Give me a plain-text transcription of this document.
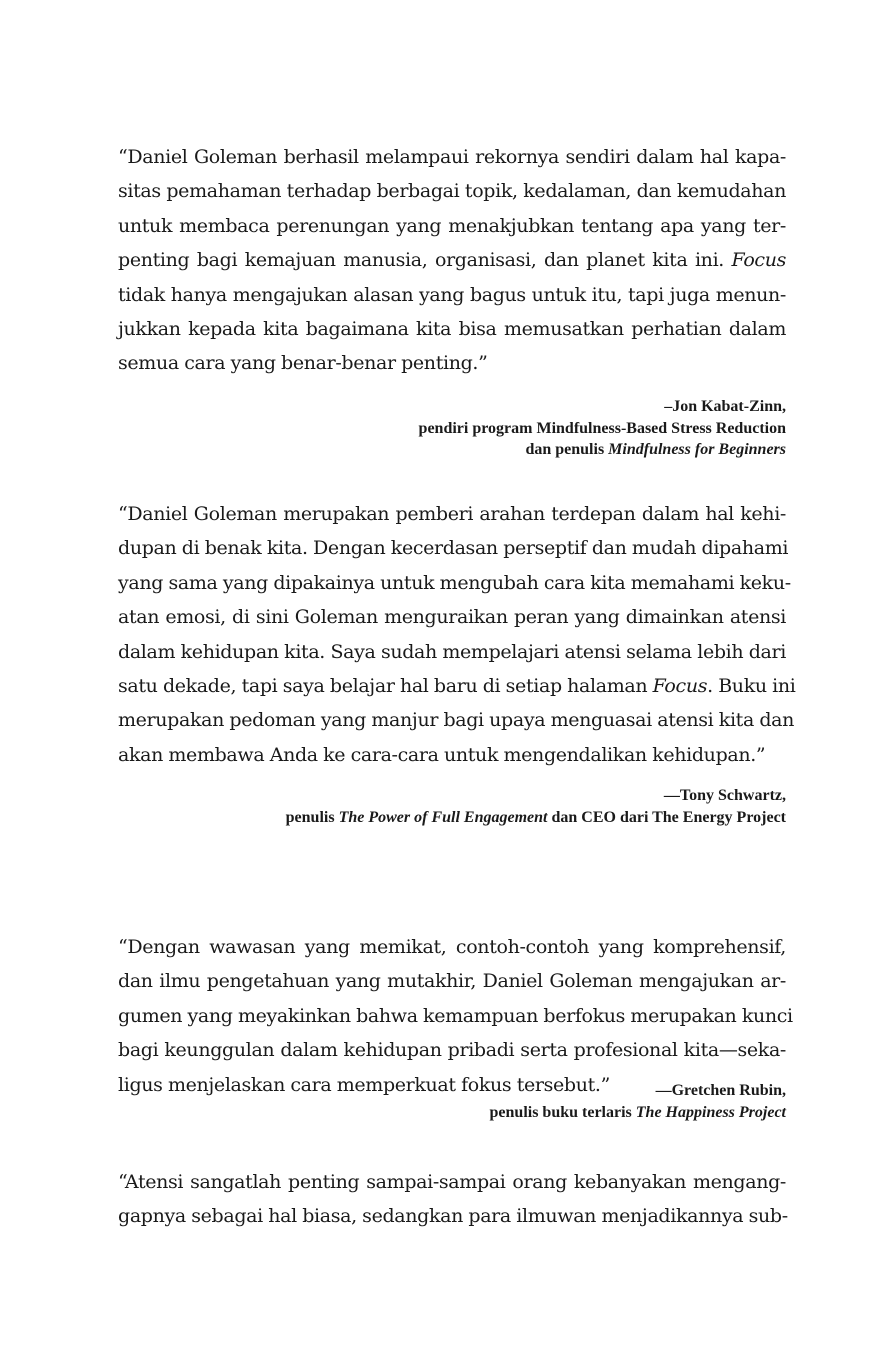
“Daniel Goleman berhasil melampaui rekornya sendiri dalam hal kapa-
sitas pemahaman terhadap berbagai topik, kedalaman, dan kemudahan
untuk membaca perenungan yang menakjubkan tentang apa yang ter-
penting bagi kemajuan manusia, organisasi, dan planet kita ini. Focus
tidak hanya mengajukan alasan yang bagus untuk itu, tapi juga menun-
jukkan kepada kita bagaimana kita bisa memusatkan perhatian dalam
semua cara yang benar-benar penting.”
–Jon Kabat-Zinn,
pendiri program Mindfulness-Based Stress Reduction
dan penulis Mindfulness for Beginners
“Daniel Goleman merupakan pemberi arahan terdepan dalam hal kehi-
dupan di benak kita. Dengan kecerdasan perseptif dan mudah dipahami
yang sama yang dipakainya untuk mengubah cara kita memahami keku-
atan emosi, di sini Goleman menguraikan peran yang dimainkan atensi
dalam kehidupan kita. Saya sudah mempelajari atensi selama lebih dari
satu dekade, tapi saya belajar hal baru di setiap halaman Focus. Buku ini
merupakan pedoman yang manjur bagi upaya menguasai atensi kita dan
akan membawa Anda ke cara-cara untuk mengendalikan kehidupan.”
—Tony Schwartz,
penulis The Power of Full Engagement dan CEO dari The Energy Project
“Dengan wawasan yang memikat, contoh-contoh yang komprehensif,
dan ilmu pengetahuan yang mutakhir, Daniel Goleman mengajukan ar-
gumen yang meyakinkan bahwa kemampuan berfokus merupakan kunci
bagi keunggulan dalam kehidupan pribadi serta profesional kita—seka-
ligus menjelaskan cara memperkuat fokus tersebut.”	—Gretchen Rubin,
penulis buku terlaris The Happiness Project
“Atensi sangatlah penting sampai-sampai orang kebanyakan mengang-
gapnya sebagai hal biasa, sedangkan para ilmuwan menjadikannya sub-
